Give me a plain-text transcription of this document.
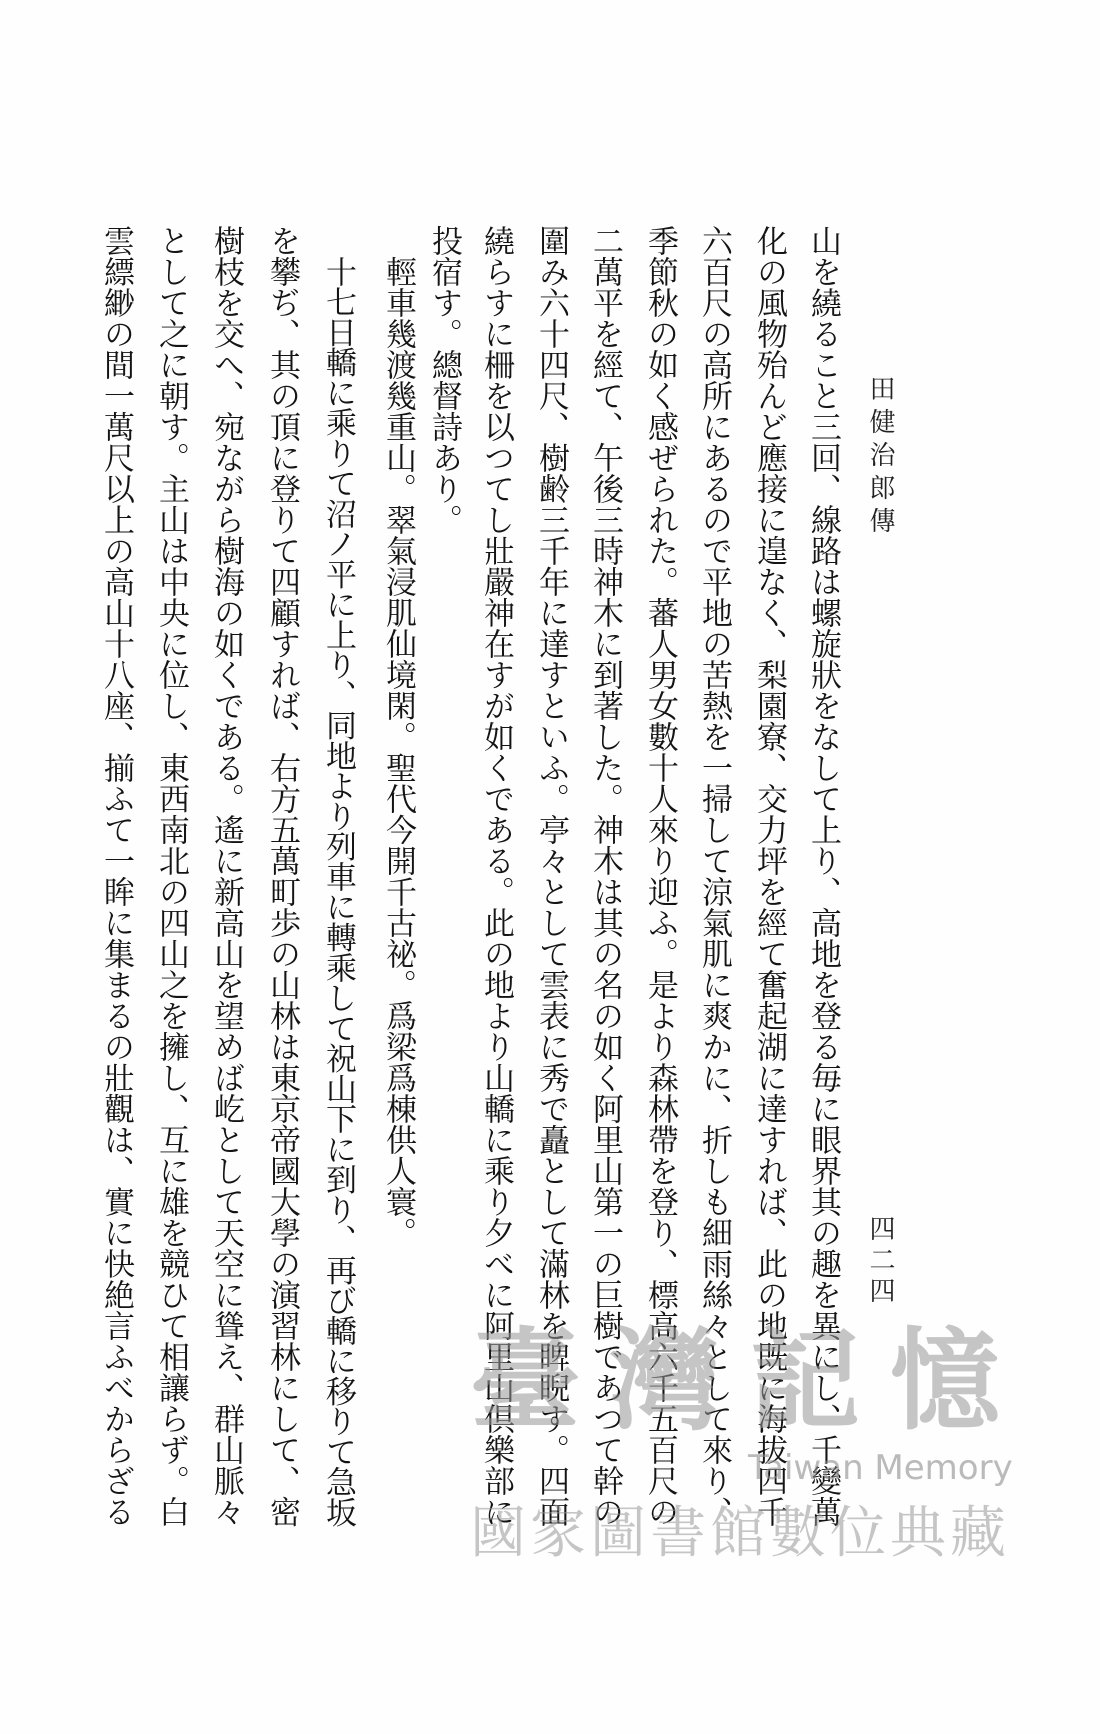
田健治郎傳
四二四
山を繞ること三回、線路は螺旋狀をなして上り、高地を登る毎に眼界其の趣を異にし、千變萬
化の風物殆んど應接に遑なく、梨園寮、交力坪を經て奮起湖に達すれば、此の地既に海拔四千
六百尺の高所にあるので平地の苦熱を一掃して涼氣肌に爽かに、折しも細雨絲々として來り、
季節秋の如く感ぜられた。蕃人男女數十人來り迎ふ。是より森林帶を登り、標高六千五百尺の
二萬平を經て、午後三時神木に到著した。神木は其の名の如く阿里山第一の巨樹であつて幹の
圍み六十四尺、樹齢三千年に達すといふ。亭々として雲表に秀で矗として滿林を睥睨す。四面
繞らすに柵を以つてし壯嚴神在すが如くである。此の地より山轎に乘り夕べに阿里山倶樂部に
投宿す。總督詩あり。
輕車幾渡幾重山。翠氣浸肌仙境閑。聖代今開千古祕。爲梁爲棟供人寰。
十七日轎に乘りて沼ノ平に上り、同地より列車に轉乘して祝山下に到り、再び轎に移りて急坂
を攀ぢ、其の頂に登りて四顧すれば、右方五萬町歩の山林は東京帝國大學の演習林にして、密
樹枝を交へ、宛ながら樹海の如くである。遙に新高山を望めば屹として天空に聳え、群山脈々
として之に朝す。主山は中央に位し、東西南北の四山之を擁し、互に雄を競ひて相讓らず。白
雲縹緲の間一萬尺以上の高山十八座、揃ふて一眸に集まるの壯觀は、實に快絶言ふべからざる	臺灣記憶
Taiwan Memory
國家圖書館數位典藏
